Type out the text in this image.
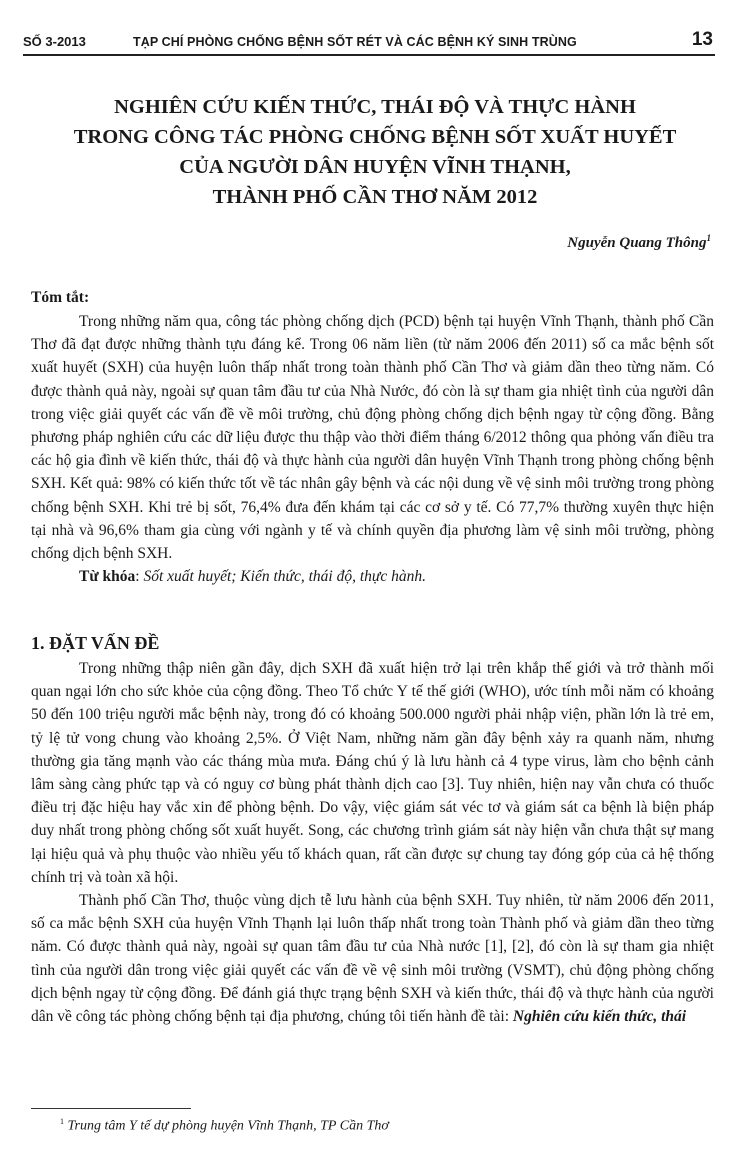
SỐ 3-2013	TẠP CHÍ PHÒNG CHỐNG BỆNH SỐT RÉT VÀ CÁC BỆNH KÝ SINH TRÙNG	13
NGHIÊN CỨU KIẾN THỨC, THÁI ĐỘ VÀ THỰC HÀNH
TRONG CÔNG TÁC PHÒNG CHỐNG BỆNH SỐT XUẤT HUYẾT
CỦA NGƯỜI DÂN HUYỆN VĨNH THẠNH,
THÀNH PHỐ CẦN THƠ NĂM 2012
Nguyễn Quang Thông$^1$
Tóm tắt:
Trong những năm qua, công tác phòng chống dịch (PCD) bệnh tại huyện Vĩnh Thạnh, thành phố Cần Thơ đã đạt được những thành tựu đáng kể. Trong 06 năm liền (từ năm 2006 đến 2011) số ca mắc bệnh sốt xuất huyết (SXH) của huyện luôn thấp nhất trong toàn thành phố Cần Thơ và giảm dần theo từng năm. Có được thành quả này, ngoài sự quan tâm đầu tư của Nhà Nước, đó còn là sự tham gia nhiệt tình của người dân trong việc giải quyết các vấn đề về môi trường, chủ động phòng chống dịch bệnh ngay từ cộng đồng. Bằng phương pháp nghiên cứu các dữ liệu được thu thập vào thời điểm tháng 6/2012 thông qua phỏng vấn điều tra các hộ gia đình về kiến thức, thái độ và thực hành của người dân huyện Vĩnh Thạnh trong phòng chống bệnh SXH. Kết quả: 98% có kiến thức tốt về tác nhân gây bệnh và các nội dung về vệ sinh môi trường trong phòng chống bệnh SXH. Khi trẻ bị sốt, 76,4% đưa đến khám tại các cơ sở y tế. Có 77,7% thường xuyên thực hiện tại nhà và 96,6% tham gia cùng với ngành y tế và chính quyền địa phương làm vệ sinh môi trường, phòng chống dịch bệnh SXH.
Từ khóa: Sốt xuất huyết; Kiến thức, thái độ, thực hành.
1. ĐẶT VẤN ĐỀ
Trong những thập niên gần đây, dịch SXH đã xuất hiện trở lại trên khắp thế giới và trở thành mối quan ngại lớn cho sức khỏe của cộng đồng. Theo Tổ chức Y tế thế giới (WHO), ước tính mỗi năm có khoảng 50 đến 100 triệu người mắc bệnh này, trong đó có khoảng 500.000 người phải nhập viện, phần lớn là trẻ em, tỷ lệ tử vong chung vào khoảng 2,5%. Ở Việt Nam, những năm gần đây bệnh xảy ra quanh năm, nhưng thường gia tăng mạnh vào các tháng mùa mưa. Đáng chú ý là lưu hành cả 4 type virus, làm cho bệnh cảnh lâm sàng càng phức tạp và có nguy cơ bùng phát thành dịch cao [3]. Tuy nhiên, hiện nay vẫn chưa có thuốc điều trị đặc hiệu hay vắc xin để phòng bệnh. Do vậy, việc giám sát véc tơ và giám sát ca bệnh là biện pháp duy nhất trong phòng chống sốt xuất huyết. Song, các chương trình giám sát này hiện vẫn chưa thật sự mang lại hiệu quả và phụ thuộc vào nhiều yếu tố khách quan, rất cần được sự chung tay đóng góp của cả hệ thống chính trị và toàn xã hội.
Thành phố Cần Thơ, thuộc vùng dịch tễ lưu hành của bệnh SXH. Tuy nhiên, từ năm 2006 đến 2011, số ca mắc bệnh SXH của huyện Vĩnh Thạnh lại luôn thấp nhất trong toàn Thành phố và giảm dần theo từng năm. Có được thành quả này, ngoài sự quan tâm đầu tư của Nhà nước [1], [2], đó còn là sự tham gia nhiệt tình của người dân trong việc giải quyết các vấn đề về vệ sinh môi trường (VSMT), chủ động phòng chống dịch bệnh ngay từ cộng đồng. Để đánh giá thực trạng bệnh SXH và kiến thức, thái độ và thực hành của người dân về công tác phòng chống bệnh tại địa phương, chúng tôi tiến hành đề tài: Nghiên cứu kiến thức, thái
$^1$ Trung tâm Y tế dự phòng huyện Vĩnh Thạnh, TP Cần Thơ
